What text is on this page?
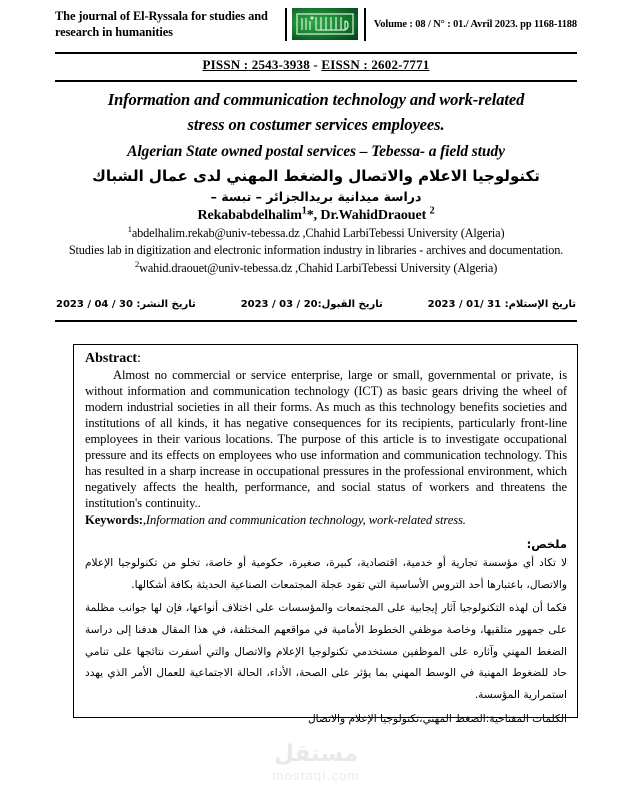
The journal of El-Ryssala for studies and research in humanities
Volume : 08 / N° : 01./ Avril 2023. pp 1168-1188
PISSN : 2543-3938 - EISSN : 2602-7771
Information and communication technology and work-related
stress on costumer services employees.
Algerian State owned postal services – Tebessa- a field study
تكنولوجيا الاعلام والاتصال والضغط المهني لدى عمال الشباك
دراسة ميدانية بريدالجزائر – تبسة –
Rekababdelhalim$^1$*, Dr.WahidDraouet $^2$
$^1$abdelhalim.rekab@univ-tebessa.dz ,Chahid LarbiTebessi University (Algeria)
Studies lab in digitization and electronic information industry in libraries - archives and documentation.
$^2$wahid.draouet@univ-tebessa.dz ,Chahid LarbiTebessi University (Algeria)
تاريخ الإستلام: 31 /01 / 2023
تاريخ القبول:20 / 03 / 2023
تاريخ النشر: 30 / 04 / 2023
Abstract:
Almost no commercial or service enterprise, large or small, governmental or private, is without information and communication technology (ICT) as basic gears driving the wheel of modern industrial societies in all their forms. As much as this technology benefits societies and institutions of all kinds, it has negative consequences for its recipients, particularly front-line employees in their various locations. The purpose of this article is to investigate occupational pressure and its effects on employees who use information and communication technology. This has resulted in a sharp increase in occupational pressures in the professional environment, which negatively affects the health, performance, and social status of workers and threatens the institution's continuity..
Keywords:,Information and communication technology, work-related stress.
ملخص:
لا تكاد أي مؤسسة تجارية أو خدمية، اقتصادية، كبيرة، صغيرة، حكومية أو خاصة، تخلو من تكنولوجيا الإعلام والاتصال، باعتبارها أحد التروس الأساسية التي تقود عجلة المجتمعات الصناعية الحديثة بكافة أشكالها.
فكما أن لهذه التكنولوجيا آثار إيجابية على المجتمعات والمؤسسات على اختلاف أنواعها، فإن لها جوانب مظلمة على جمهور متلقيها، وخاصة موظفي الخطوط الأمامية في مواقعهم المختلفة، في هذا المقال هدفنا إلى دراسة الضغط المهني وآثاره على الموظفين مستخدمي تكنولوجيا الإعلام والاتصال والتي أسفرت نتائجها على تنامي حاد للضغوط المهنية في الوسط المهني بما يؤثر على الصحة، الأداء، الحالة الاجتماعية للعمال الأمر الذي يهدد استمرارية المؤسسة.
الكلمات المفتاحية:الضغط المهني،تكنولوجيا الإعلام والاتصال
مستقل
mostaql.com
